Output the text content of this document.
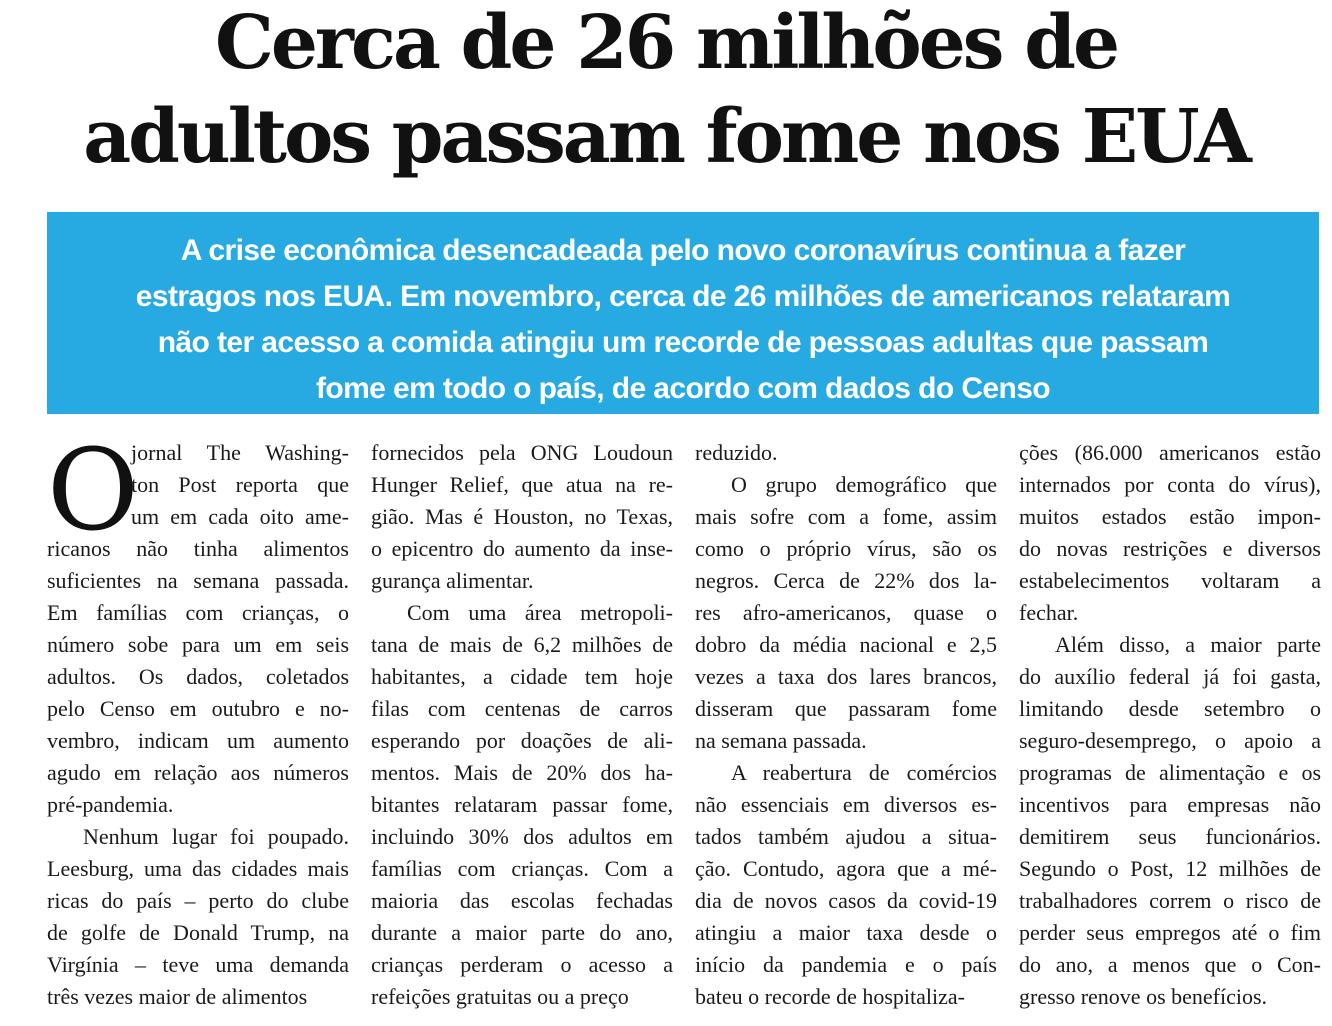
Cerca de 26 milhões de
adultos passam fome nos EUA

A crise econômica desencadeada pelo novo coronavírus continua a fazer
estragos nos EUA. Em novembro, cerca de 26 milhões de americanos relataram
não ter acesso a comida atingiu um recorde de pessoas adultas que passam
fome em todo o país, de acordo com dados do Censo

O
jornal The Washing-
ton Post reporta que
um em cada oito ame-
ricanos não tinha alimentos
suficientes na semana passada.
Em famílias com crianças, o
número sobe para um em seis
adultos. Os dados, coletados
pelo Censo em outubro e no-
vembro, indicam um aumento
agudo em relação aos números
pré-pandemia.
Nenhum lugar foi poupado.
Leesburg, uma das cidades mais
ricas do país – perto do clube
de golfe de Donald Trump, na
Virgínia – teve uma demanda
três vezes maior de alimentos
fornecidos pela ONG Loudoun
Hunger Relief, que atua na re-
gião. Mas é Houston, no Texas,
o epicentro do aumento da inse-
gurança alimentar.
Com uma área metropoli-
tana de mais de 6,2 milhões de
habitantes, a cidade tem hoje
filas com centenas de carros
esperando por doações de ali-
mentos. Mais de 20% dos ha-
bitantes relataram passar fome,
incluindo 30% dos adultos em
famílias com crianças. Com a
maioria das escolas fechadas
durante a maior parte do ano,
crianças perderam o acesso a
refeições gratuitas ou a preço
reduzido.
O grupo demográfico que
mais sofre com a fome, assim
como o próprio vírus, são os
negros. Cerca de 22% dos la-
res afro-americanos, quase o
dobro da média nacional e 2,5
vezes a taxa dos lares brancos,
disseram que passaram fome
na semana passada.
A reabertura de comércios
não essenciais em diversos es-
tados também ajudou a situa-
ção. Contudo, agora que a mé-
dia de novos casos da covid-19
atingiu a maior taxa desde o
início da pandemia e o país
bateu o recorde de hospitaliza-
ções (86.000 americanos estão
internados por conta do vírus),
muitos estados estão impon-
do novas restrições e diversos
estabelecimentos voltaram a
fechar.
Além disso, a maior parte
do auxílio federal já foi gasta,
limitando desde setembro o
seguro-desemprego, o apoio a
programas de alimentação e os
incentivos para empresas não
demitirem seus funcionários.
Segundo o Post, 12 milhões de
trabalhadores correm o risco de
perder seus empregos até o fim
do ano, a menos que o Con-
gresso renove os benefícios.
